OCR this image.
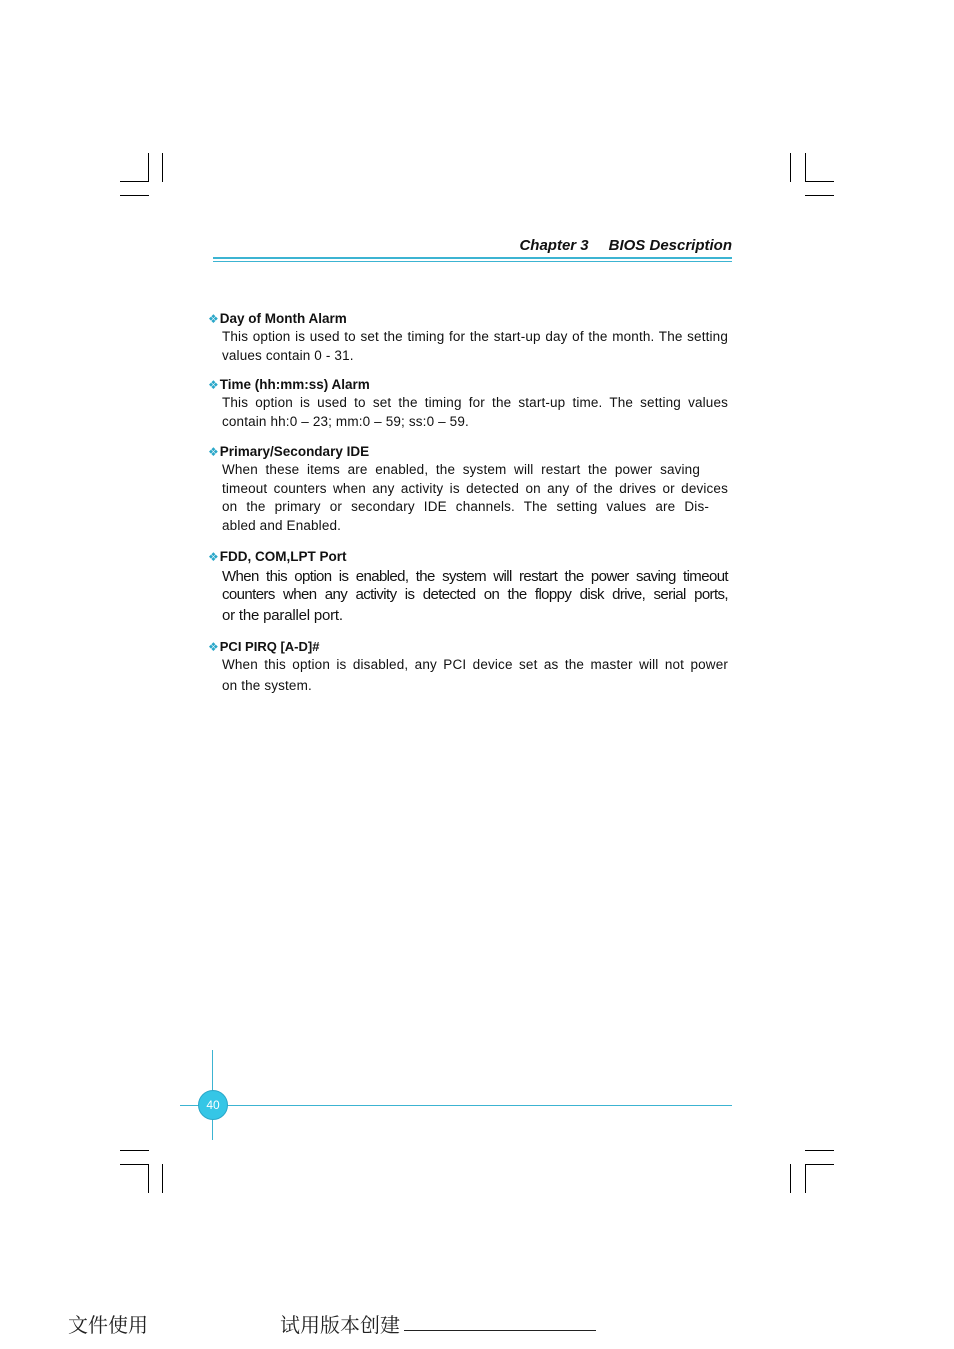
Chapter 3 BIOS Description
❖Day of Month Alarm
This option is used to set the timing for the start-up day of the month. The setting
values contain 0 - 31.
❖Time (hh:mm:ss) Alarm
This option is used to set the timing for the start-up time. The setting values
contain hh:0 – 23; mm:0 – 59; ss:0 – 59.
❖Primary/Secondary IDE
When these items are enabled, the system will restart the power saving
timeout counters when any activity is detected on any of the drives or devices
on the primary or secondary IDE channels. The setting values are Dis-
abled and Enabled.
❖FDD, COM,LPT Port
When this option is enabled, the system will restart the power saving timeout
counters when any activity is detected on the floppy disk drive, serial ports,
or the parallel port.
❖PCI PIRQ [A-D]#
When this option is disabled, any PCI device set as the master will not power
on the system.
40
文件使用	试用版本创建
